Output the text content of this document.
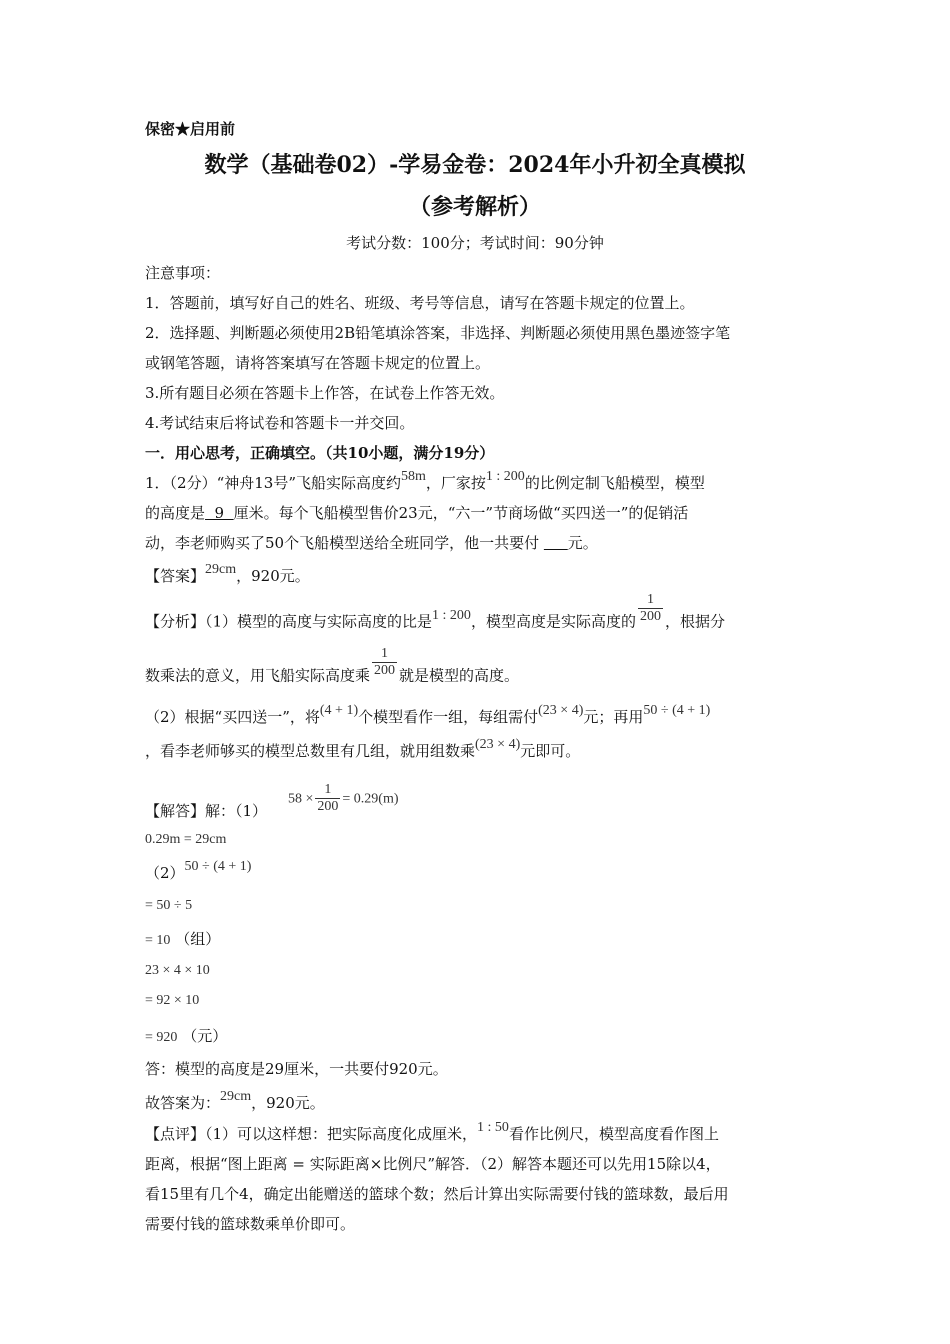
保密★启用前
数学（基础卷02）-学易金卷：2024年小升初全真模拟
（参考解析）
考试分数：100分；考试时间：90分钟
注意事项：
1．答题前，填写好自己的姓名、班级、考号等信息，请写在答题卡规定的位置上。
2．选择题、判断题必须使用2B铅笔填涂答案，非选择、判断题必须使用黑色墨迹签字笔
或钢笔答题，请将答案填写在答题卡规定的位置上。
3.所有题目必须在答题卡上作答，在试卷上作答无效。
4.考试结束后将试卷和答题卡一并交回。
一．用心思考，正确填空。（共10小题，满分19分）
1．（2分）“神舟13号”飞船实际高度约58m，厂家按1 : 200的比例定制飞船模型，模型
的高度是  9  厘米。每个飞船模型售价23元，“六一”节商场做“买四送一”的促销活
动，李老师购买了50个飞船模型送给全班同学，他一共要付 元。
【答案】29cm，920元。
【分析】（1）模型的高度与实际高度的比是1 : 200，模型高度是实际高度的 $\frac{1}{200}$ ，根据分
数乘法的意义，用飞船实际高度乘 $\frac{1}{200}$ 就是模型的高度。
（2）根据“买四送一”，将(4 + 1)个模型看作一组，每组需付(23 × 4)元；再用50 ÷ (4 + 1)
，看李老师够买的模型总数里有几组，就用组数乘(23 × 4)元即可。
【解答】解：（1）
$58 \times \frac{1}{200} = 0.29(m)$
0.29m = 29cm
（2）50 ÷ (4 + 1)
= 50 ÷ 5
= 10 （组）
23 × 4 × 10
= 92 × 10
= 920 （元）
答：模型的高度是29厘米，一共要付920元。
故答案为：29cm，920元。
【点评】（1）可以这样想：把实际高度化成厘米，1 : 50看作比例尺，模型高度看作图上
距离，根据“图上距离 = 实际距离×比例尺”解答．（2）解答本题还可以先用15除以4，
看15里有几个4，确定出能赠送的篮球个数；然后计算出实际需要付钱的篮球数，最后用
需要付钱的篮球数乘单价即可。
